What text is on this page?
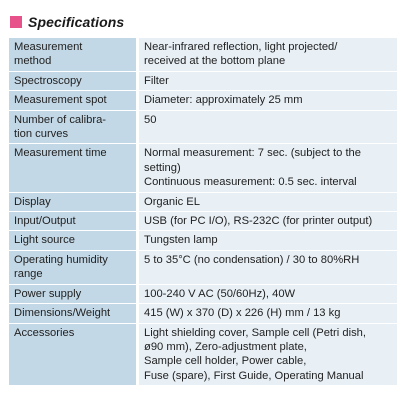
Specifications
Measurement
method	Near-infrared reflection, light projected/
received at the bottom plane

Spectroscopy	Filter

Measurement spot	Diameter: approximately 25 mm

Number of calibra-
tion curves	50

Measurement time	Normal measurement: 7 sec. (subject to the
setting)
Continuous measurement: 0.5 sec. interval

Display	Organic EL

Input/Output	USB (for PC I/O), RS-232C (for printer output)

Light source	Tungsten lamp

Operating humidity
range	5 to 35°C (no condensation) / 30 to 80%RH

Power supply	100-240 V AC (50/60Hz), 40W

Dimensions/Weight	415 (W) x 370 (D) x 226 (H) mm / 13 kg

Accessories	Light shielding cover, Sample cell (Petri dish,
ø90 mm), Zero-adjustment plate,
Sample cell holder, Power cable,
Fuse (spare), First Guide, Operating Manual
